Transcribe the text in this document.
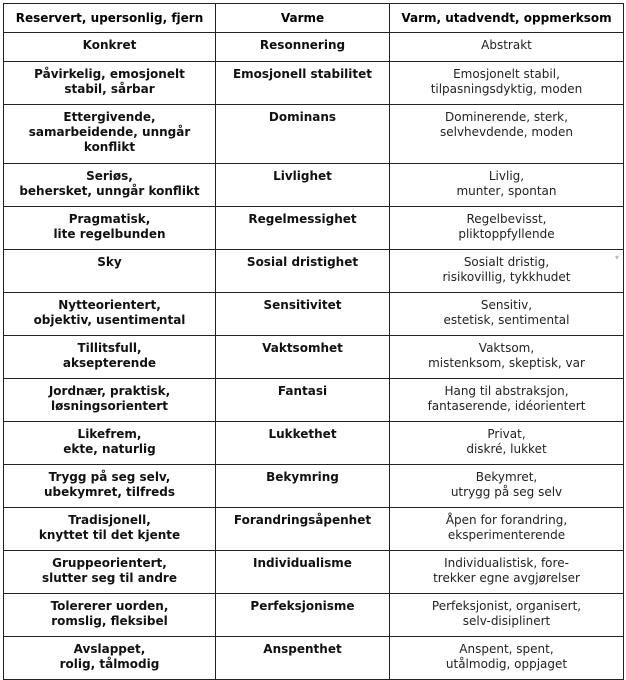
Reservert, upersonlig, fjern	Varme	Varm, utadvendt, oppmerksom

Konkret	Resonnering	Abstrakt

Påvirkelig, emosjonelt
stabil, sårbar	Emosjonell stabilitet	Emosjonelt stabil,
tilpasningsdyktig, moden

Ettergivende,
samarbeidende, unngår
konflikt	Dominans	Dominerende, sterk,
selvhevdende, moden

Seriøs,
behersket, unngår konflikt	Livlighet	Livlig,
munter, spontan

Pragmatisk,
lite regelbunden	Regelmessighet	Regelbevisst,
pliktoppfyllende

Sky	Sosial dristighet	Sosialt dristig,
risikovillig, tykkhudet
▾

Nytteorientert,
objektiv, usentimental	Sensitivitet	Sensitiv,
estetisk, sentimental

Tillitsfull,
aksepterende	Vaktsomhet	Vaktsom,
mistenksom, skeptisk, var

Jordnær, praktisk,
løsningsorientert	Fantasi	Hang til abstraksjon,
fantaserende, idéorientert

Likefrem,
ekte, naturlig	Lukkethet	Privat,
diskré, lukket

Trygg på seg selv,
ubekymret, tilfreds	Bekymring	Bekymret,
utrygg på seg selv

Tradisjonell,
knyttet til det kjente	Forandringsåpenhet	Åpen for forandring,
eksperimenterende

Gruppeorientert,
slutter seg til andre	Individualisme	Individualistisk, fore-
trekker egne avgjørelser

Tolererer uorden,
romslig, fleksibel	Perfeksjonisme	Perfeksjonist, organisert,
selv-disiplinert

Avslappet,
rolig, tålmodig	Anspenthet	Anspent, spent,
utålmodig, oppjaget
